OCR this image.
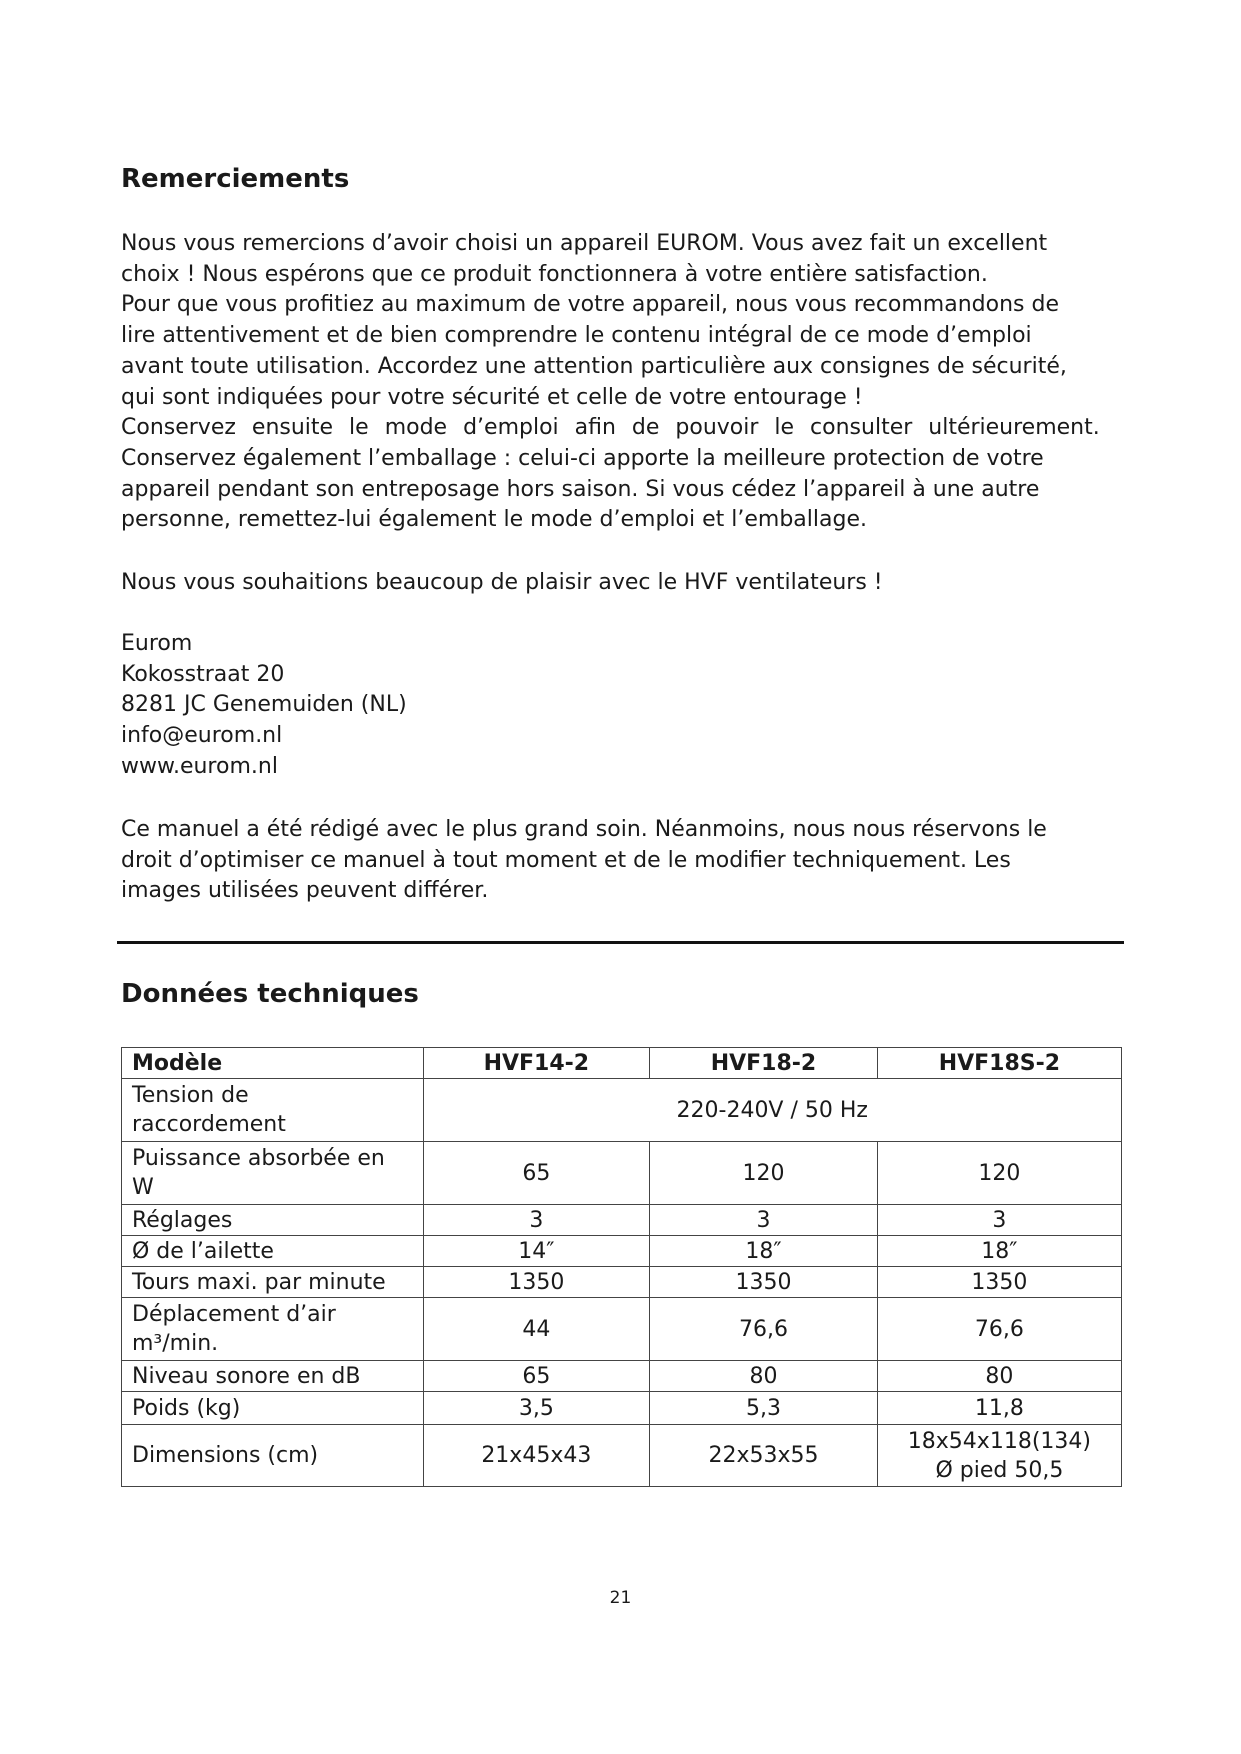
Remerciements
Nous vous remercions d’avoir choisi un appareil EUROM. Vous avez fait un excellent
choix ! Nous espérons que ce produit fonctionnera à votre entière satisfaction.
Pour que vous profitiez au maximum de votre appareil, nous vous recommandons de
lire attentivement et de bien comprendre le contenu intégral de ce mode d’emploi
avant toute utilisation. Accordez une attention particulière aux consignes de sécurité,
qui sont indiquées pour votre sécurité et celle de votre entourage !
Conservez ensuite le mode d’emploi afin de pouvoir le consulter ultérieurement.
Conservez également l’emballage : celui-ci apporte la meilleure protection de votre
appareil pendant son entreposage hors saison. Si vous cédez l’appareil à une autre
personne, remettez-lui également le mode d’emploi et l’emballage.
Nous vous souhaitions beaucoup de plaisir avec le HVF ventilateurs !
Eurom
Kokosstraat 20
8281 JC Genemuiden (NL)
info@eurom.nl
www.eurom.nl
Ce manuel a été rédigé avec le plus grand soin. Néanmoins, nous nous réservons le
droit d’optimiser ce manuel à tout moment et de le modifier techniquement. Les
images utilisées peuvent différer.
Données techniques
Modèle	HVF14-2	HVF18-2	HVF18S-2
Tension de raccordement	220-240V / 50 Hz		
Puissance absorbée en W	65	120	120
Réglages	3	3	3
Ø de l’ailette	14″	18″	18″
Tours maxi. par minute	1350	1350	1350
Déplacement d’air m³/min.	44	76,6	76,6
Niveau sonore en dB	65	80	80
Poids (kg)	3,5	5,3	11,8
Dimensions (cm)	21x45x43	22x53x55	18x54x118(134) Ø pied 50,5
21
